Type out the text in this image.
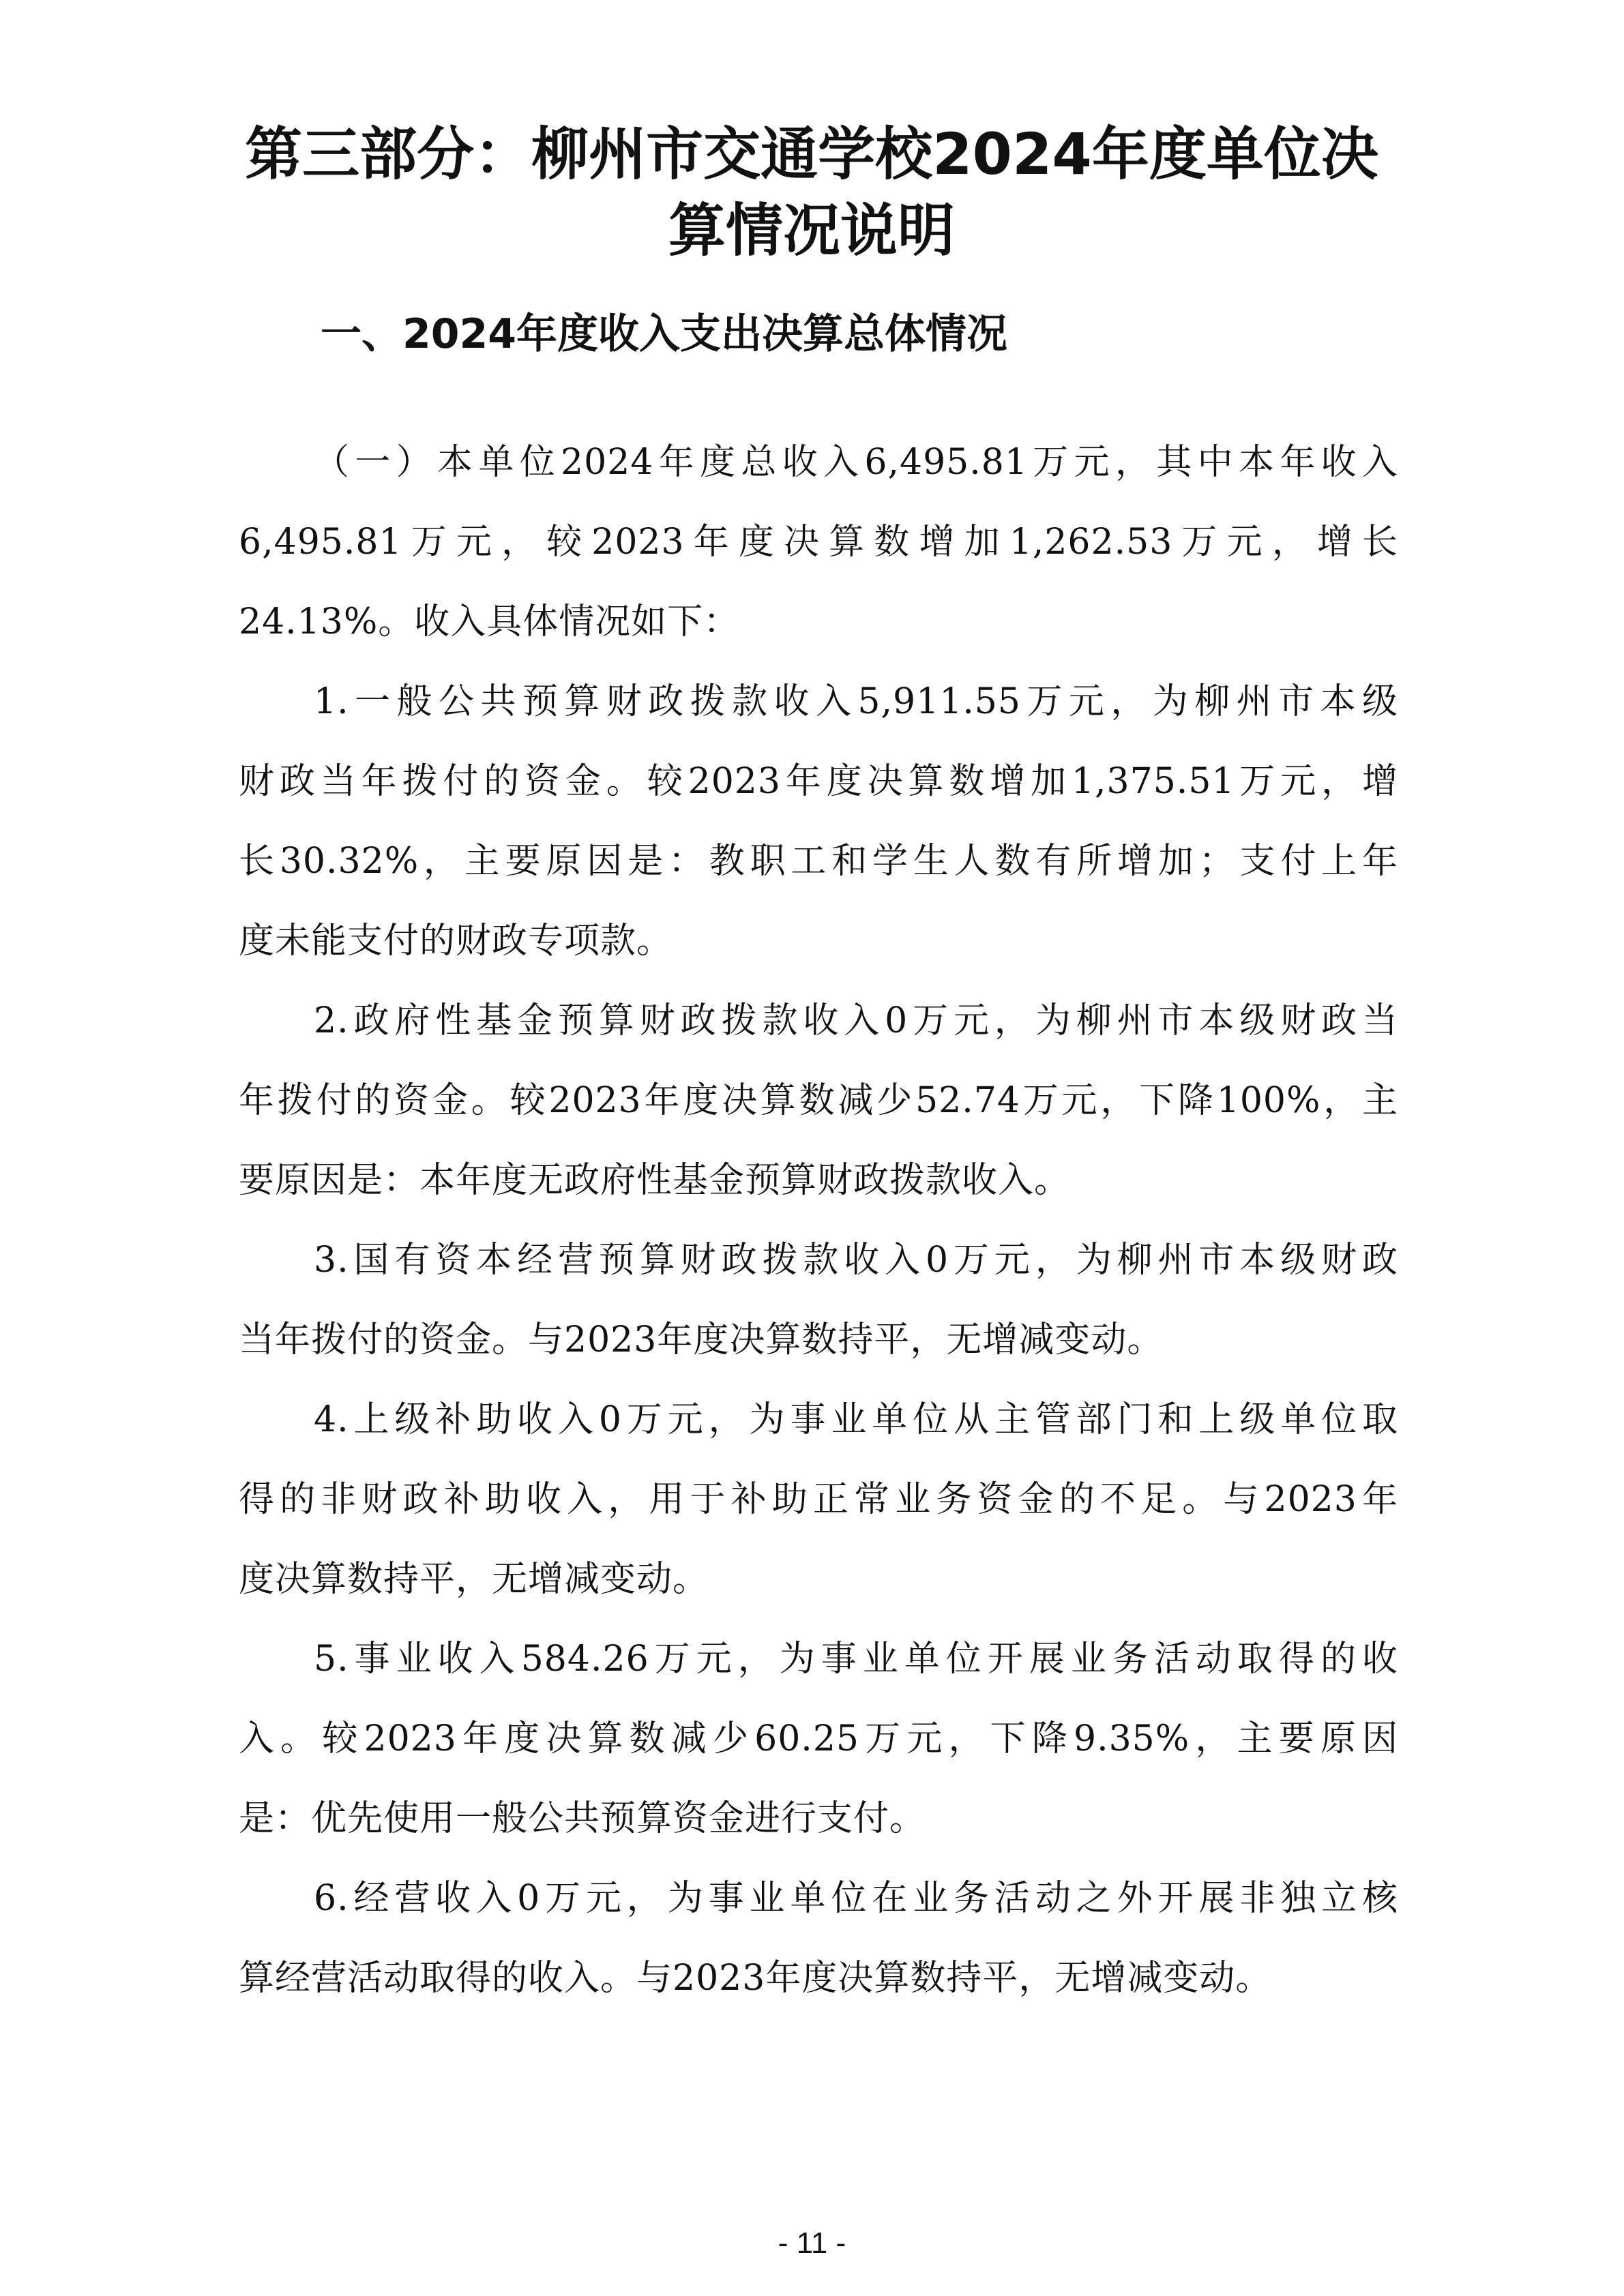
第三部分：柳州市交通学校2024年度单位决
算情况说明
一、2024年度收入支出决算总体情况
（一）本单位2024年度总收入6,495.81万元，其中本年收入
6,495.81万元，较2023年度决算数增加1,262.53万元，增长
24.13%。收入具体情况如下：
1.一般公共预算财政拨款收入5,911.55万元，为柳州市本级
财政当年拨付的资金。较2023年度决算数增加1,375.51万元，增
长30.32%，主要原因是：教职工和学生人数有所增加；支付上年
度未能支付的财政专项款。
2.政府性基金预算财政拨款收入0万元，为柳州市本级财政当
年拨付的资金。较2023年度决算数减少52.74万元，下降100%，主
要原因是：本年度无政府性基金预算财政拨款收入。
3.国有资本经营预算财政拨款收入0万元，为柳州市本级财政
当年拨付的资金。与2023年度决算数持平，无增减变动。
4.上级补助收入0万元，为事业单位从主管部门和上级单位取
得的非财政补助收入，用于补助正常业务资金的不足。与2023年
度决算数持平，无增减变动。
5.事业收入584.26万元，为事业单位开展业务活动取得的收
入。较2023年度决算数减少60.25万元，下降9.35%，主要原因
是：优先使用一般公共预算资金进行支付。
6.经营收入0万元，为事业单位在业务活动之外开展非独立核
算经营活动取得的收入。与2023年度决算数持平，无增减变动。
- 11 -
